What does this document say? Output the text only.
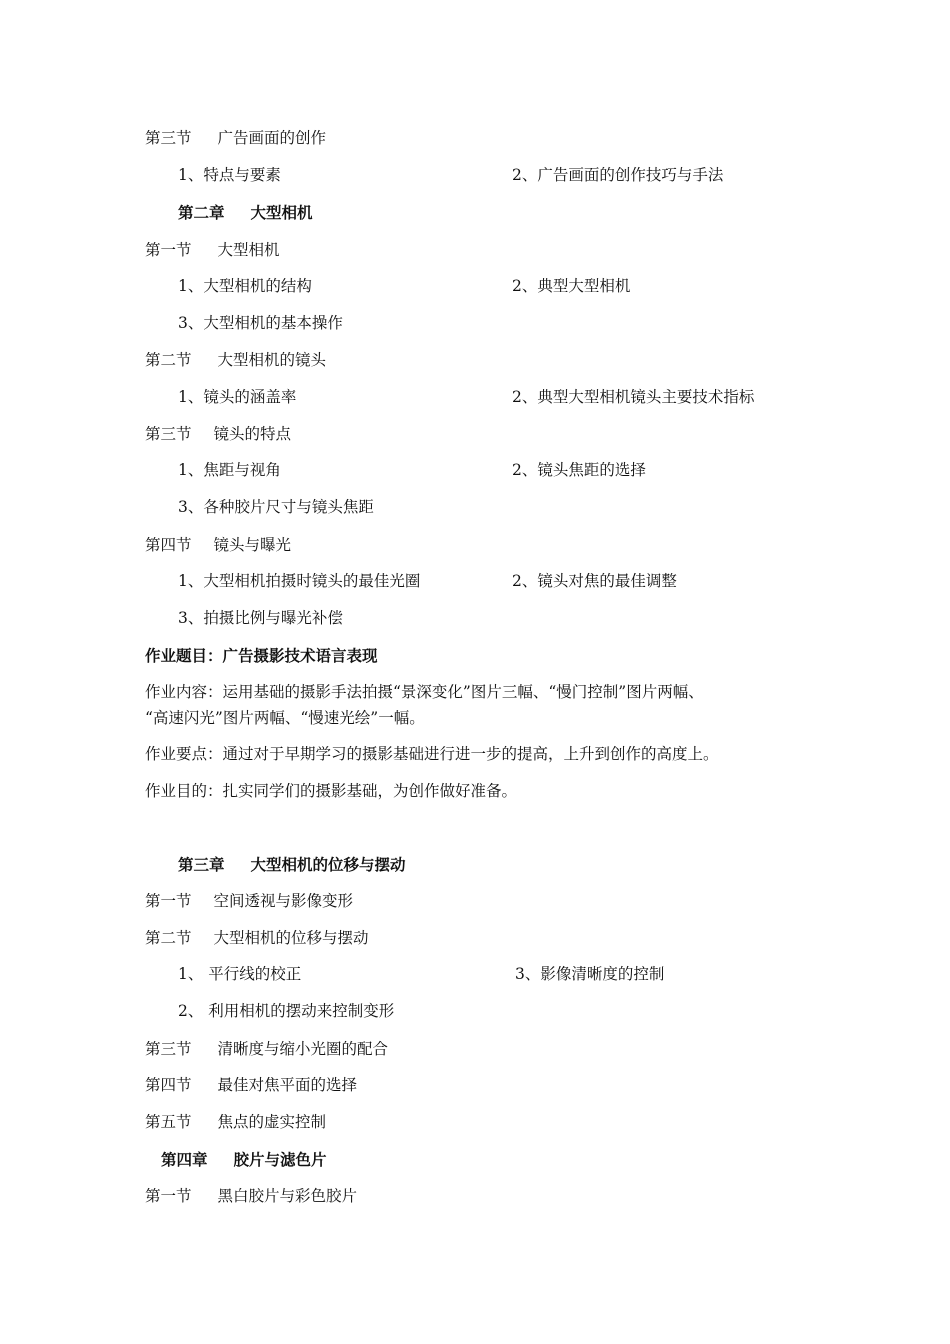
第三节 广告画面的创作
1、特点与要素	2、广告画面的创作技巧与手法
第二章 大型相机
第一节 大型相机
1、大型相机的结构	2、典型大型相机
3、大型相机的基本操作
第二节 大型相机的镜头
1、镜头的涵盖率	2、典型大型相机镜头主要技术指标
第三节 镜头的特点
1、焦距与视角	2、镜头焦距的选择
3、各种胶片尺寸与镜头焦距
第四节 镜头与曝光
1、大型相机拍摄时镜头的最佳光圈	2、镜头对焦的最佳调整
3、拍摄比例与曝光补偿
作业题目：广告摄影技术语言表现
作业内容：运用基础的摄影手法拍摄“景深变化”图片三幅、“慢门控制”图片两幅、
“高速闪光”图片两幅、“慢速光绘”一幅。
作业要点：通过对于早期学习的摄影基础进行进一步的提高，上升到创作的高度上。
作业目的：扎实同学们的摄影基础，为创作做好准备。
第三章 大型相机的位移与摆动
第一节 空间透视与影像变形
第二节 大型相机的位移与摆动
1、 平行线的校正	3、影像清晰度的控制
2、 利用相机的摆动来控制变形
第三节 清晰度与缩小光圈的配合
第四节 最佳对焦平面的选择
第五节 焦点的虚实控制
第四章 胶片与滤色片
第一节 黑白胶片与彩色胶片
